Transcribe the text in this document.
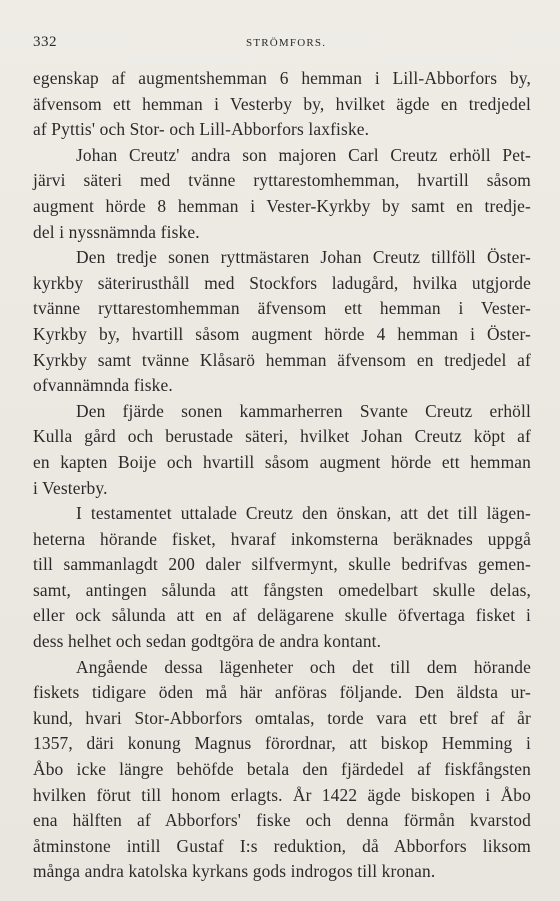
332	STRÖMFORS.
egenskap af augmentshemman 6 hemman i Lill-Abborfors by,
äfvensom ett hemman i Vesterby by, hvilket ägde en tredjedel
af Pyttis' och Stor- och Lill-Abborfors laxfiske.
Johan Creutz' andra son majoren Carl Creutz erhöll Pet-
järvi säteri med tvänne ryttarestomhemman, hvartill såsom
augment hörde 8 hemman i Vester-Kyrkby by samt en tredje-
del i nyssnämnda fiske.
Den tredje sonen ryttmästaren Johan Creutz tillföll Öster-
kyrkby säterirusthåll med Stockfors ladugård, hvilka utgjorde
tvänne ryttarestomhemman äfvensom ett hemman i Vester-
Kyrkby by, hvartill såsom augment hörde 4 hemman i Öster-
Kyrkby samt tvänne Klåsarö hemman äfvensom en tredjedel af
ofvannämnda fiske.
Den fjärde sonen kammarherren Svante Creutz erhöll
Kulla gård och berustade säteri, hvilket Johan Creutz köpt af
en kapten Boije och hvartill såsom augment hörde ett hemman
i Vesterby.
I testamentet uttalade Creutz den önskan, att det till lägen-
heterna hörande fisket, hvaraf inkomsterna beräknades uppgå
till sammanlagdt 200 daler silfvermynt, skulle bedrifvas gemen-
samt, antingen sålunda att fångsten omedelbart skulle delas,
eller ock sålunda att en af delägarene skulle öfvertaga fisket i
dess helhet och sedan godtgöra de andra kontant.
Angående dessa lägenheter och det till dem hörande
fiskets tidigare öden må här anföras följande. Den äldsta ur-
kund, hvari Stor-Abborfors omtalas, torde vara ett bref af år
1357, däri konung Magnus förordnar, att biskop Hemming i
Åbo icke längre behöfde betala den fjärdedel af fiskfångsten
hvilken förut till honom erlagts. År 1422 ägde biskopen i Åbo
ena hälften af Abborfors' fiske och denna förmån kvarstod
åtminstone intill Gustaf I:s reduktion, då Abborfors liksom
många andra katolska kyrkans gods indrogos till kronan.
